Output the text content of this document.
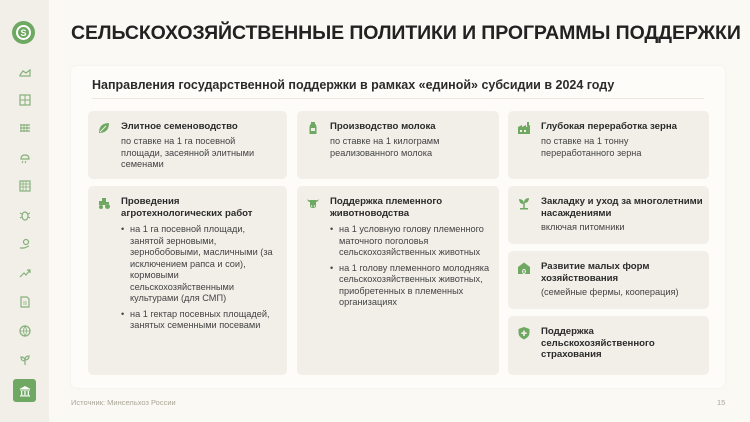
S СЕЛЬСКОХОЗЯЙСТВЕННЫЕ ПОЛИТИКИ И ПРОГРАММЫ ПОДДЕРЖКИ
Направления государственной поддержки в рамках «единой» субсидии в 2024 году
Элитное семеноводство
по ставке на 1 га посевной площади, засеянной элитными семенами
Производство молока
по ставке на 1 килограмм реализованного молока
Глубокая переработка зерна
по ставке на 1 тонну переработанного зерна
Проведения агротехнологических работ
• на 1 га посевной площади, занятой зерновыми, зернобобовыми, масличными (за исключением рапса и сои), кормовыми сельскохозяйственными культурами (для СМП)
• на 1 гектар посевных площадей, занятых семенными посевами
Поддержка племенного животноводства
• на 1 условную голову племенного маточного поголовья сельскохозяйственных животных
• на 1 голову племенного молодняка сельскохозяйственных животных, приобретенных в племенных организациях
Закладку и уход за многолетними насаждениями
включая питомники
Развитие малых форм хозяйствования
(семейные фермы, кооперация)
Поддержка сельскохозяйственного страхования
Источник: Минсельхоз России	15
